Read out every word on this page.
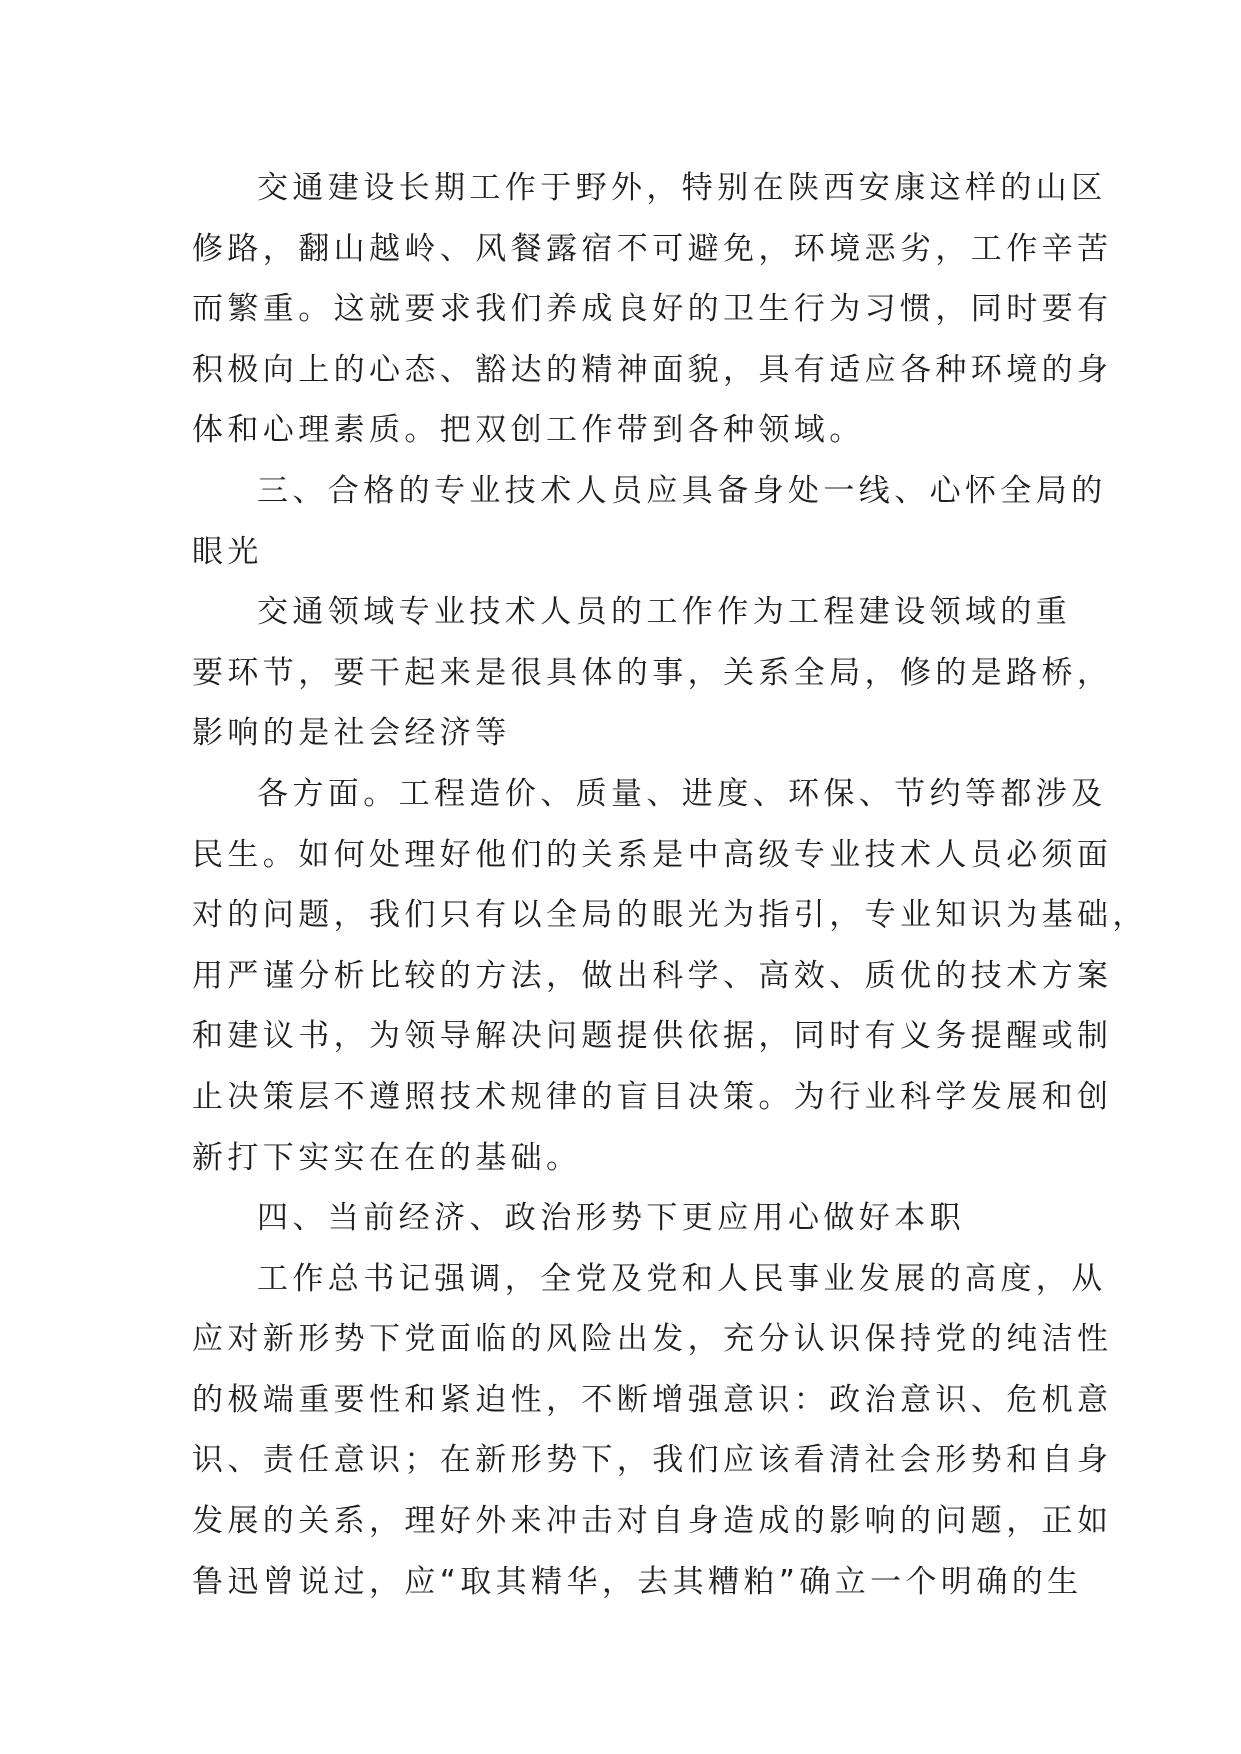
交通建设长期工作于野外，特别在陕西安康这样的山区
修路，翻山越岭、风餐露宿不可避免，环境恶劣，工作辛苦
而繁重。这就要求我们养成良好的卫生行为习惯，同时要有
积极向上的心态、豁达的精神面貌，具有适应各种环境的身
体和心理素质。把双创工作带到各种领域。
三、合格的专业技术人员应具备身处一线、心怀全局的
眼光
交通领域专业技术人员的工作作为工程建设领域的重
要环节，要干起来是很具体的事，关系全局，修的是路桥，
影响的是社会经济等
各方面。工程造价、质量、进度、环保、节约等都涉及
民生。如何处理好他们的关系是中高级专业技术人员必须面
对的问题，我们只有以全局的眼光为指引，专业知识为基础，
用严谨分析比较的方法，做出科学、高效、质优的技术方案
和建议书，为领导解决问题提供依据，同时有义务提醒或制
止决策层不遵照技术规律的盲目决策。为行业科学发展和创
新打下实实在在的基础。
四、当前经济、政治形势下更应用心做好本职
工作总书记强调，全党及党和人民事业发展的高度，从
应对新形势下党面临的风险出发，充分认识保持党的纯洁性
的极端重要性和紧迫性，不断增强意识：政治意识、危机意
识、责任意识；在新形势下，我们应该看清社会形势和自身
发展的关系，理好外来冲击对自身造成的影响的问题，正如
鲁迅曾说过，应“取其精华，去其糟粕”确立一个明确的生
